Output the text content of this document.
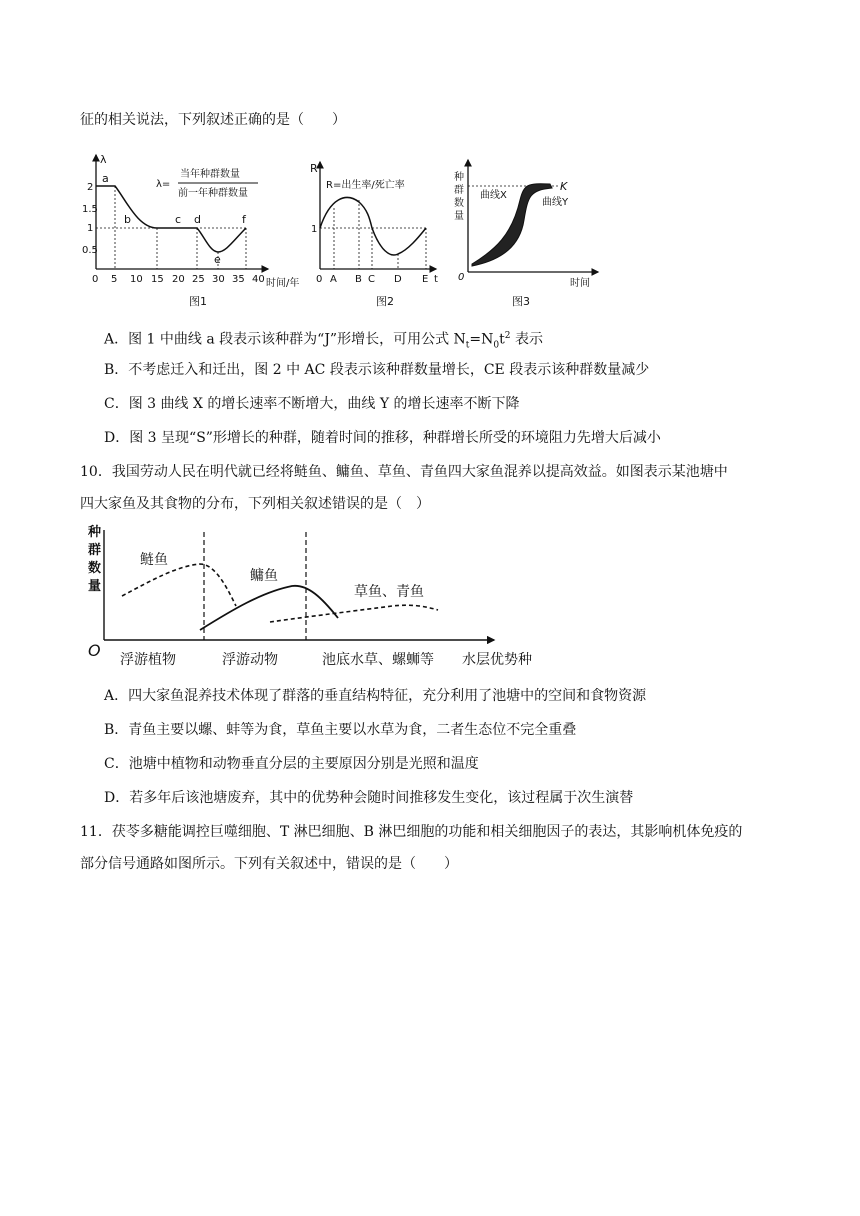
征的相关说法，下列叙述正确的是（　　）
λ
λ=
当年种群数量
前一年种群数量
2
1.5
1
0.5
a
b	c d
e
f
0 5 10 15 20 25 30 35 40 时间/年
图1
R
R=出生率/死亡率
1
0 A B C D E t
图2
种
群
数
量
K
曲线X
曲线Y
0
时间
图3
A．图 1 中曲线 a 段表示该种群为“J”形增长，可用公式 $N_t=N_0t^2$ 表示
B．不考虑迁入和迁出，图 2 中 AC 段表示该种群数量增长，CE 段表示该种群数量减少
C．图 3 曲线 X 的增长速率不断增大，曲线 Y 的增长速率不断下降
D．图 3 呈现“S”形增长的种群，随着时间的推移，种群增长所受的环境阻力先增大后减小
10．我国劳动人民在明代就已经将鲢鱼、鳙鱼、草鱼、青鱼四大家鱼混养以提高效益。如图表示某池塘中
四大家鱼及其食物的分布，下列相关叙述错误的是（　）
种
群
数
量
O
鲢鱼
鳙鱼
草鱼、青鱼
浮游植物	浮游动物	池底水草、螺蛳等 水层优势种
A．四大家鱼混养技术体现了群落的垂直结构特征，充分利用了池塘中的空间和食物资源
B．青鱼主要以螺、蚌等为食，草鱼主要以水草为食，二者生态位不完全重叠
C．池塘中植物和动物垂直分层的主要原因分别是光照和温度
D．若多年后该池塘废弃，其中的优势种会随时间推移发生变化，该过程属于次生演替
11．茯苓多糖能调控巨噬细胞、T 淋巴细胞、B 淋巴细胞的功能和相关细胞因子的表达，其影响机体免疫的
部分信号通路如图所示。下列有关叙述中，错误的是（　　）
